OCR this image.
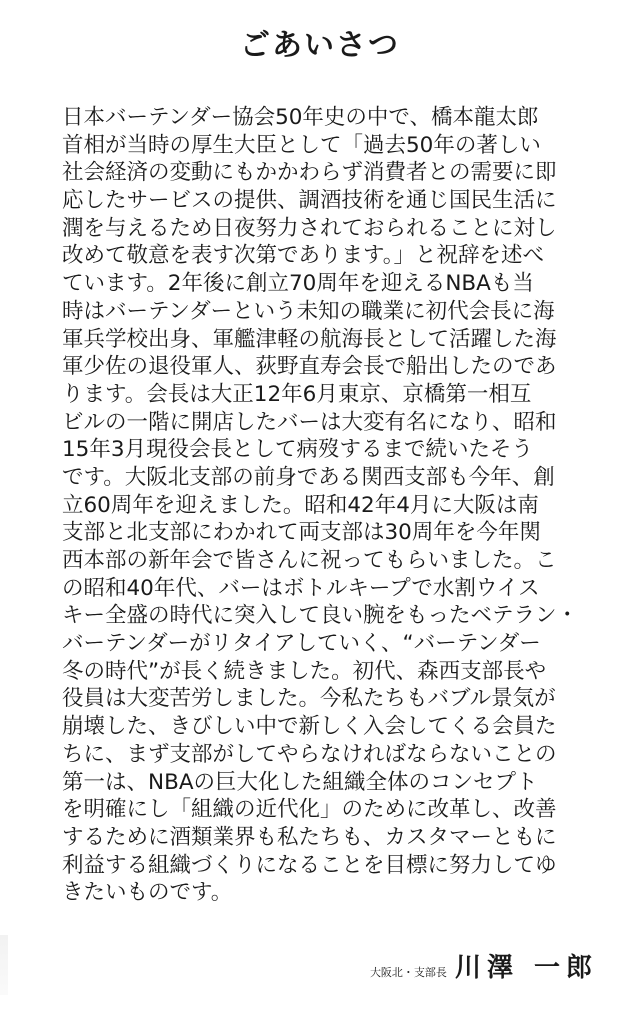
ごあいさつ
日本バーテンダー協会50年史の中で、橋本龍太郎
首相が当時の厚生大臣として「過去50年の著しい
社会経済の変動にもかかわらず消費者との需要に即
応したサービスの提供、調酒技術を通じ国民生活に
潤を与えるため日夜努力されておられることに対し
改めて敬意を表す次第であります。」と祝辞を述べ
ています。2年後に創立70周年を迎えるNBAも当
時はバーテンダーという未知の職業に初代会長に海
軍兵学校出身、軍艦津軽の航海長として活躍した海
軍少佐の退役軍人、荻野直寿会長で船出したのであ
ります。会長は大正12年6月東京、京橋第一相互
ビルの一階に開店したバーは大変有名になり、昭和
15年3月現役会長として病歿するまで続いたそう
です。大阪北支部の前身である関西支部も今年、創
立60周年を迎えました。昭和42年4月に大阪は南
支部と北支部にわかれて両支部は30周年を今年関
西本部の新年会で皆さんに祝ってもらいました。こ
の昭和40年代、バーはボトルキープで水割ウイス
キー全盛の時代に突入して良い腕をもったベテラン・
バーテンダーがリタイアしていく、“バーテンダー
冬の時代”が長く続きました。初代、森西支部長や
役員は大変苦労しました。今私たちもバブル景気が
崩壊した、きびしい中で新しく入会してくる会員た
ちに、まず支部がしてやらなければならないことの
第一は、NBAの巨大化した組織全体のコンセプト
を明確にし「組織の近代化」のために改革し、改善
するために酒類業界も私たちも、カスタマーともに
利益する組織づくりになることを目標に努力してゆ
きたいものです。
大阪北・支部長 川澤 一郎
